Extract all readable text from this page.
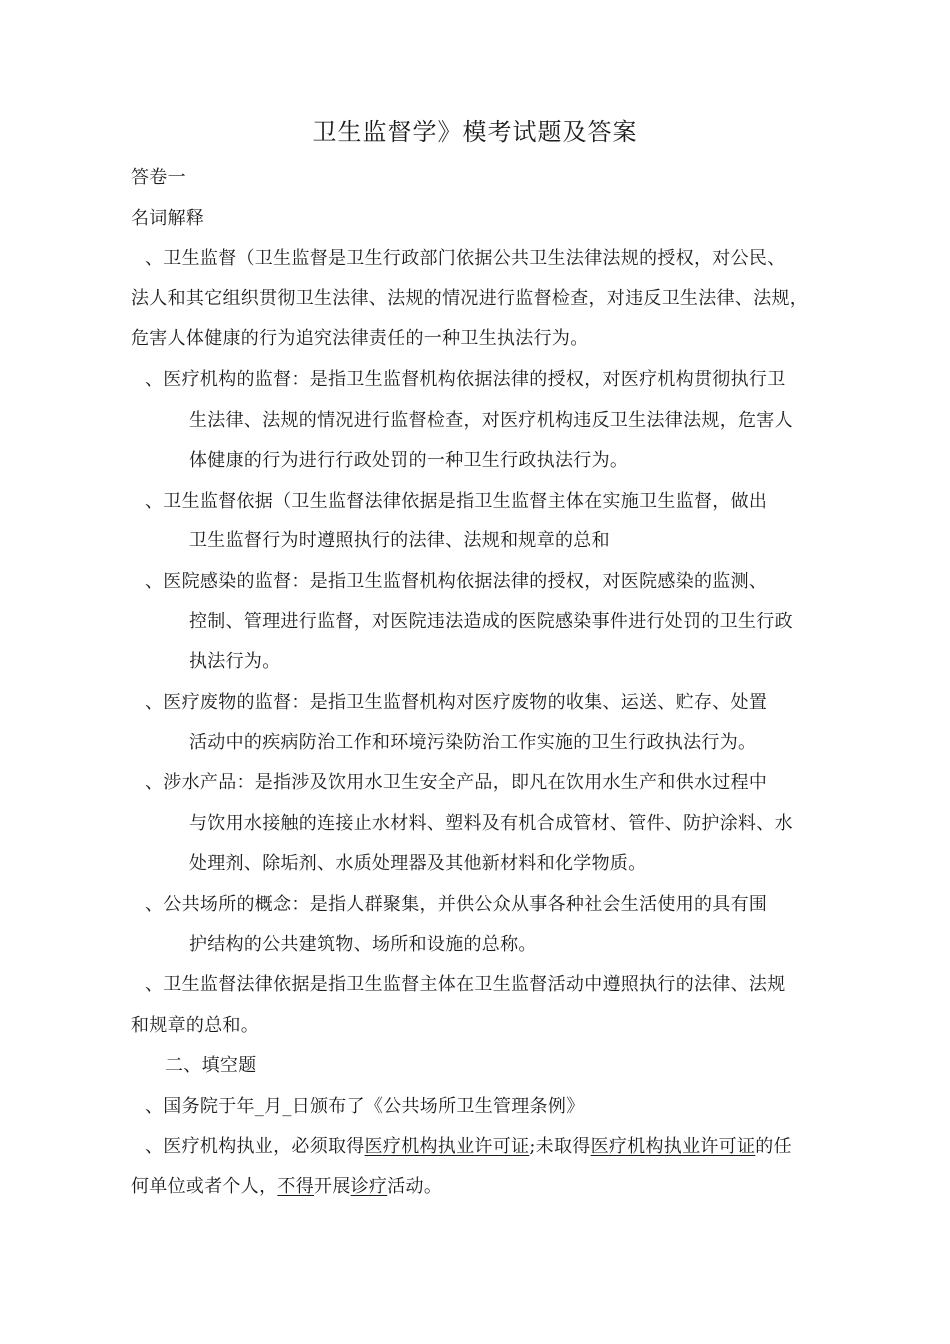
卫生监督学》模考试题及答案
答卷一
名词解释
、卫生监督（卫生监督是卫生行政部门依据公共卫生法律法规的授权，对公民、
法人和其它组织贯彻卫生法律、法规的情况进行监督检查，对违反卫生法律、法规，
危害人体健康的行为追究法律责任的一种卫生执法行为。
、医疗机构的监督：是指卫生监督机构依据法律的授权，对医疗机构贯彻执行卫
生法律、法规的情况进行监督检查，对医疗机构违反卫生法律法规，危害人
体健康的行为进行行政处罚的一种卫生行政执法行为。
、卫生监督依据（卫生监督法律依据是指卫生监督主体在实施卫生监督，做出
卫生监督行为时遵照执行的法律、法规和规章的总和
、医院感染的监督：是指卫生监督机构依据法律的授权，对医院感染的监测、
控制、管理进行监督，对医院违法造成的医院感染事件进行处罚的卫生行政
执法行为。
、医疗废物的监督：是指卫生监督机构对医疗废物的收集、运送、贮存、处置
活动中的疾病防治工作和环境污染防治工作实施的卫生行政执法行为。
、涉水产品：是指涉及饮用水卫生安全产品，即凡在饮用水生产和供水过程中
与饮用水接触的连接止水材料、塑料及有机合成管材、管件、防护涂料、水
处理剂、除垢剂、水质处理器及其他新材料和化学物质。
、公共场所的概念：是指人群聚集，并供公众从事各种社会生活使用的具有围
护结构的公共建筑物、场所和设施的总称。
、卫生监督法律依据是指卫生监督主体在卫生监督活动中遵照执行的法律、法规
和规章的总和。
二、填空题
、国务院于年_月_日颁布了《公共场所卫生管理条例》
、医疗机构执业，必须取得医疗机构执业许可证;未取得医疗机构执业许可证的任
何单位或者个人，不得开展诊疗活动。
